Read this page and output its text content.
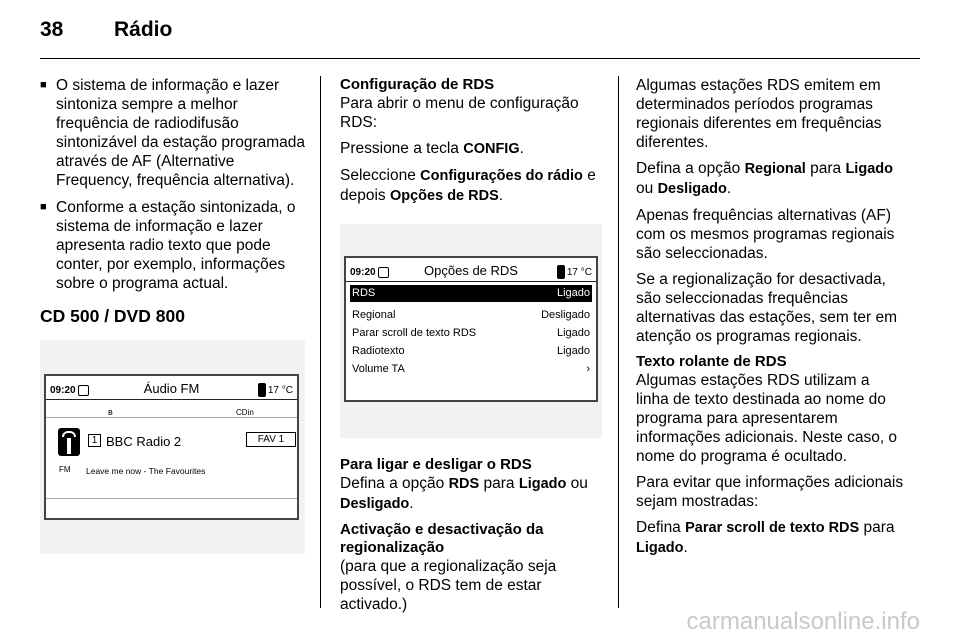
38 Rádio
■ O sistema de informação e lazer sintoniza sempre a melhor frequência de radiodifusão sintonizável da estação programada através de AF (Alternative Frequency, frequência alternativa).
■ Conforme a estação sintonizada, o sistema de informação e lazer apresenta radio texto que pode conter, por exemplo, informações sobre o programa actual.
CD 500 / DVD 800
09:20	Áudio FM	17 °C
ʙ	CDin
FM
1 BBC Radio 2	FAV 1
Leave me now - The Favourites
Configuração de RDS

Para abrir o menu de configuração RDS:

Pressione a tecla CONFIG.

Seleccione Configurações do rádio e depois Opções de RDS.

09:20	Opções de RDS	17 °C
RDS	Ligado
Regional	Desligado
Parar scroll de texto RDS	Ligado
Radiotexto	Ligado
Volume TA	›
Para ligar e desligar o RDS

Defina a opção RDS para Ligado ou Desligado.

Activação e desactivação da regionalização

(para que a regionalização seja possível, o RDS tem de estar activado.)

Algumas estações RDS emitem em determinados períodos programas regionais diferentes em frequências diferentes.

Defina a opção Regional para Ligado ou Desligado.

Apenas frequências alternativas (AF) com os mesmos programas regionais são seleccionadas.

Se a regionalização for desactivada, são seleccionadas frequências alternativas das estações, sem ter em atenção os programas regionais.

Texto rolante de RDS

Algumas estações RDS utilizam a linha de texto destinada ao nome do programa para apresentarem informações adicionais. Neste caso, o nome do programa é ocultado.

Para evitar que informações adicionais sejam mostradas:

Defina Parar scroll de texto RDS para Ligado.

carmanualsonline.info
